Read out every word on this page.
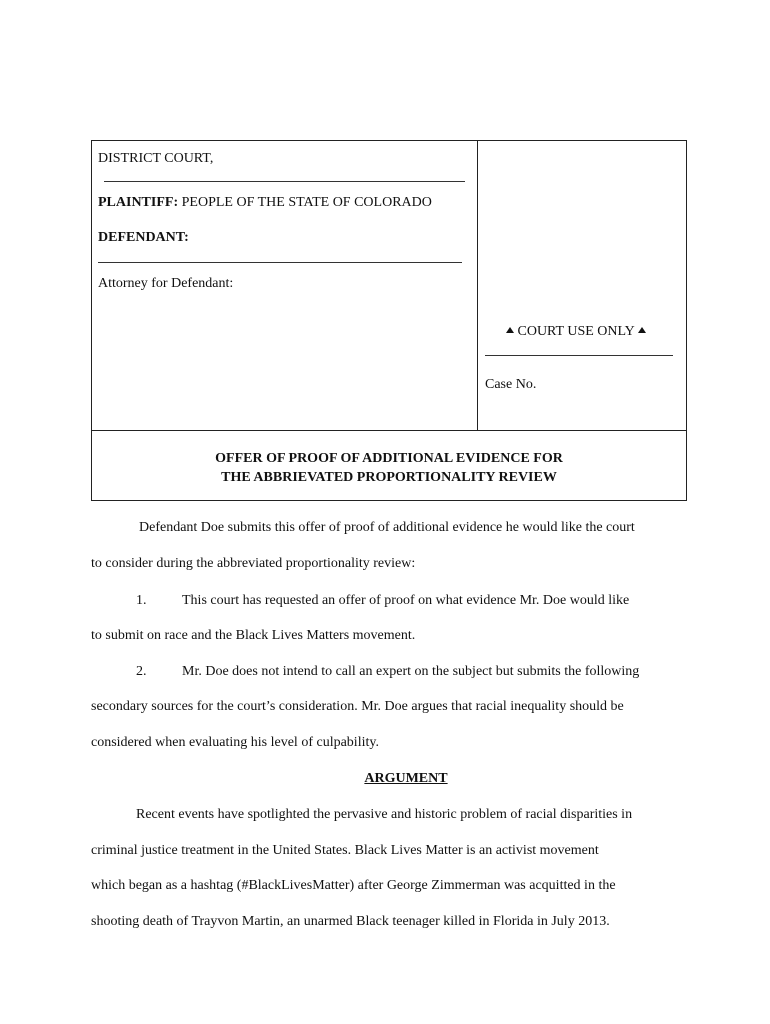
DISTRICT COURT,
PLAINTIFF: PEOPLE OF THE STATE OF COLORADO
DEFENDANT:
Attorney for Defendant:
COURT USE ONLY
Case No.
OFFER OF PROOF OF ADDITIONAL EVIDENCE FOR
THE ABBRIEVATED PROPORTIONALITY REVIEW
Defendant Doe submits this offer of proof of additional evidence he would like the court
to consider during the abbreviated proportionality review:
1.	This court has requested an offer of proof on what evidence Mr. Doe would like
to submit on race and the Black Lives Matters movement.
2.	Mr. Doe does not intend to call an expert on the subject but submits the following
secondary sources for the court’s consideration. Mr. Doe argues that racial inequality should be
considered when evaluating his level of culpability.
ARGUMENT
Recent events have spotlighted the pervasive and historic problem of racial disparities in
criminal justice treatment in the United States. Black Lives Matter is an activist movement
which began as a hashtag (#BlackLivesMatter) after George Zimmerman was acquitted in the
shooting death of Trayvon Martin, an unarmed Black teenager killed in Florida in July 2013.
